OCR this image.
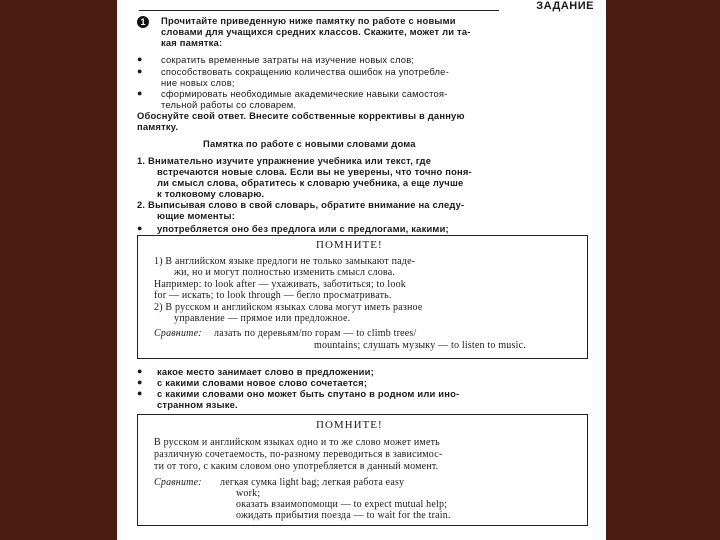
ЗАДАНИЕ
1	Прочитайте приведенную ниже памятку по работе с новыми
словами для учащихся средних классов. Скажите, может ли та-
кая памятка:
● сократить временные затраты на изучение новых слов;
● способствовать сокращению количества ошибок на употребле-
ние новых слов;
● сформировать необходимые академические навыки самостоя-
тельной работы со словарем.
Обоснуйте свой ответ. Внесите собственные коррективы в данную
памятку.
Памятка по работе с новыми словами дома
1. Внимательно изучите упражнение учебника или текст, где
встречаются новые слова. Если вы не уверены, что точно поня-
ли смысл слова, обратитесь к словарю учебника, а еще лучше
к толковому словарю.
2. Выписывая слово в свой словарь, обратите внимание на следу-
ющие моменты:
● употребляется оно без предлога или с предлогами, какими;
ПОМНИТЕ!
1) В английском языке предлоги не только замыкают паде-
жи, но и могут полностью изменить смысл слова.
Например: to look after — ухаживать, заботиться; to look
for — искать; to look through — бегло просматривать.
2) В русском и английском языках слова могут иметь разное
управление — прямое или предложное.
Сравните: лазать по деревьям/по горам — to climb trees/
mountains; слушать музыку — to listen to music.
● какое место занимает слово в предложении;
● с какими словами новое слово сочетается;
● с какими словами оно может быть спутано в родном или ино-
странном языке.
ПОМНИТЕ!
В русском и английском языках одно и то же слово может иметь
различную сочетаемость, по-разному переводиться в зависимос-
ти от того, с каким словом оно употребляется в данный момент.
Сравните: легкая сумка light bag; легкая работа easy
work;
оказать взаимопомощи — to expect mutual help;
ожидать прибытия поезда — to wait for the train.
